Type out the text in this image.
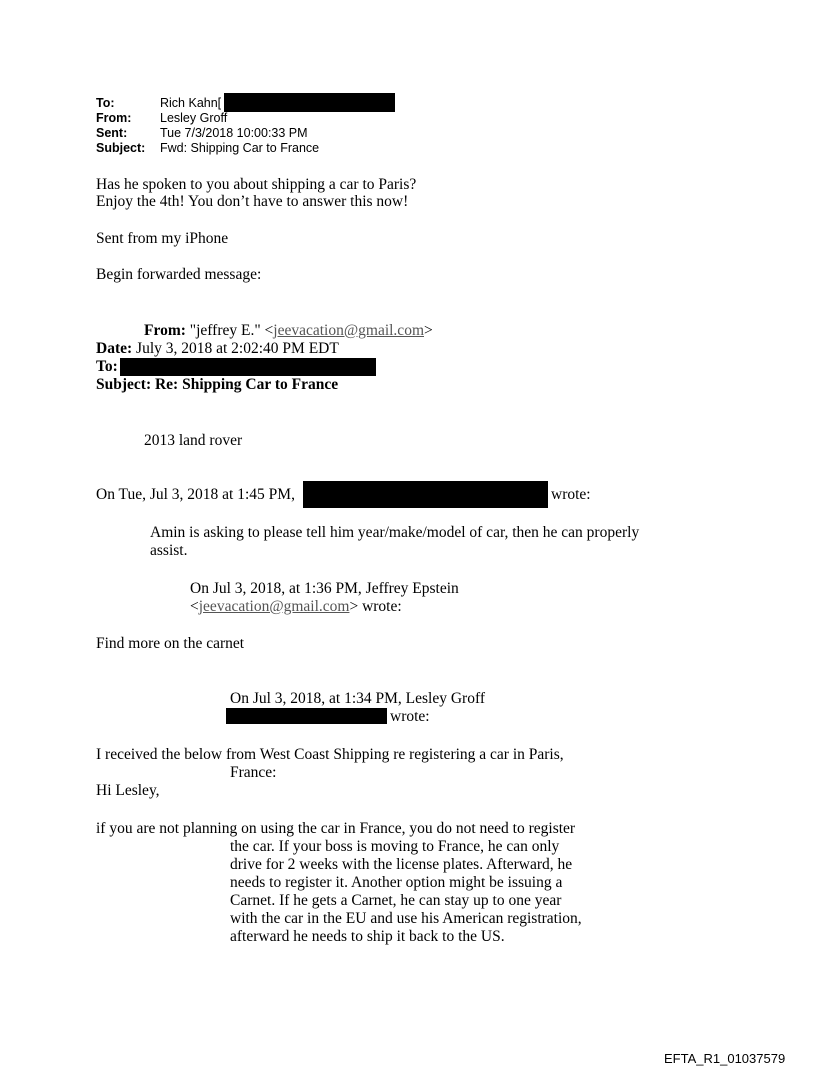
To:	Rich Kahn[
From: Lesley Groff
Sent:	Tue 7/3/2018 10:00:33 PM
Subject: Fwd: Shipping Car to France
Has he spoken to you about shipping a car to Paris?
Enjoy the 4th! You don’t have to answer this now!
Sent from my iPhone
Begin forwarded message:
From: "jeffrey E." <jeevacation@gmail.com>
Date: July 3, 2018 at 2:02:40 PM EDT
To:
Subject: Re: Shipping Car to France
2013 land rover
On Tue, Jul 3, 2018 at 1:45 PM,	wrote:
Amin is asking to please tell him year/make/model of car, then he can properly
assist.
On Jul 3, 2018, at 1:36 PM, Jeffrey Epstein
<jeevacation@gmail.com> wrote:
Find more on the carnet
On Jul 3, 2018, at 1:34 PM, Lesley Groff
wrote:
I received the below from West Coast Shipping re registering a car in Paris,
France:
Hi Lesley,
if you are not planning on using the car in France, you do not need to register
the car. If your boss is moving to France, he can only
drive for 2 weeks with the license plates. Afterward, he
needs to register it. Another option might be issuing a
Carnet. If he gets a Carnet, he can stay up to one year
with the car in the EU and use his American registration,
afterward he needs to ship it back to the US.
EFTA_R1_01037579
